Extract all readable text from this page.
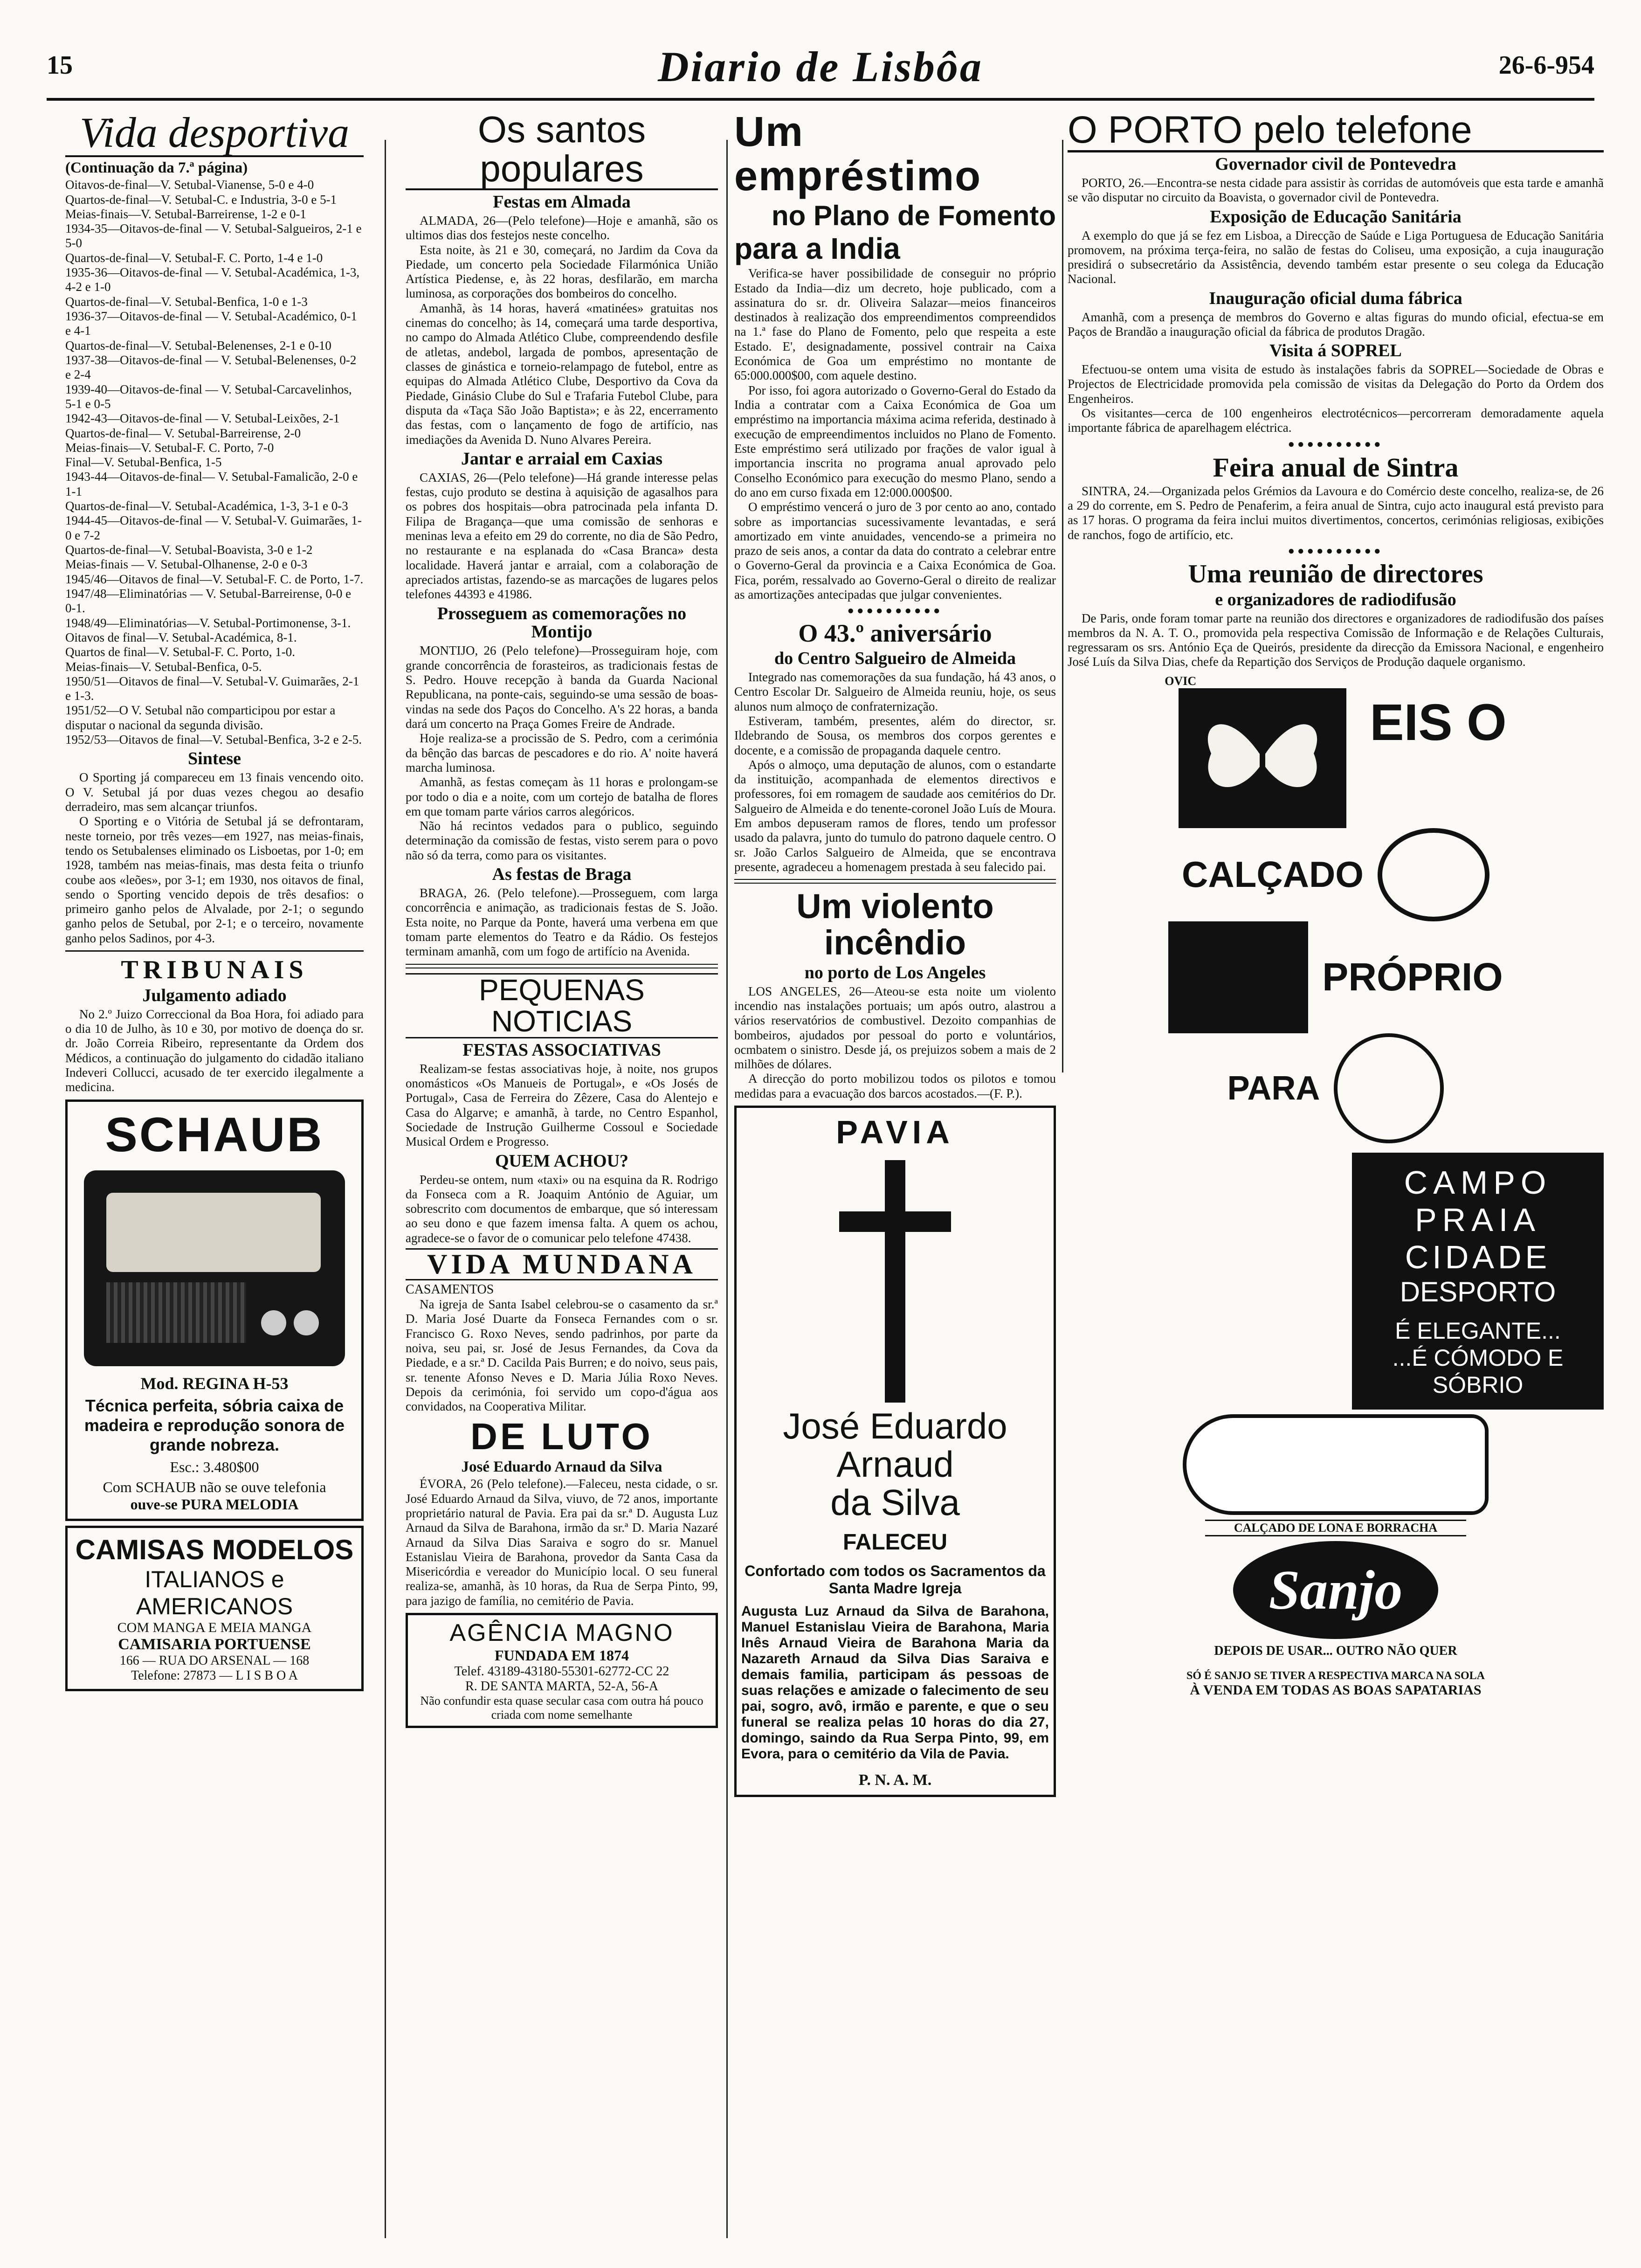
15	Diario de Lisbôa	26-6-954
Vida desportiva
(Continuação da 7.ª página)

Oitavos-de-final—V. Setubal-Vianense, 5-0 e 4-0

Quartos-de-final—V. Setubal-C. e Industria, 3-0 e 5-1

Meias-finais—V. Setubal-Barreirense, 1-2 e 0-1

1934-35—Oitavos-de-final — V. Setubal-Salgueiros, 2-1 e 5-0

Quartos-de-final—V. Setubal-F. C. Porto, 1-4 e 1-0

1935-36—Oitavos-de-final — V. Setubal-Académica, 1-3, 4-2 e 1-0

Quartos-de-final—V. Setubal-Benfica, 1-0 e 1-3

1936-37—Oitavos-de-final — V. Setubal-Académico, 0-1 e 4-1

Quartos-de-final—V. Setubal-Belenenses, 2-1 e 0-10

1937-38—Oitavos-de-final — V. Setubal-Belenenses, 0-2 e 2-4

1939-40—Oitavos-de-final — V. Setubal-Carcavelinhos, 5-1 e 0-5

1942-43—Oitavos-de-final — V. Setubal-Leixões, 2-1

Quartos-de-final— V. Setubal-Barreirense, 2-0

Meias-finais—V. Setubal-F. C. Porto, 7-0

Final—V. Setubal-Benfica, 1-5

1943-44—Oitavos-de-final— V. Setubal-Famalicão, 2-0 e 1-1

Quartos-de-final—V. Setubal-Académica, 1-3, 3-1 e 0-3

1944-45—Oitavos-de-final — V. Setubal-V. Guimarães, 1-0 e 7-2

Quartos-de-final—V. Setubal-Boavista, 3-0 e 1-2

Meias-finais — V. Setubal-Olhanense, 2-0 e 0-3

1945/46—Oitavos de final—V. Setubal-F. C. de Porto, 1-7.

1947/48—Eliminatórias — V. Setubal-Barreirense, 0-0 e 0-1.

1948/49—Eliminatórias—V. Setubal-Portimonense, 3-1.

Oitavos de final—V. Setubal-Académica, 8-1.

Quartos de final—V. Setubal-F. C. Porto, 1-0.

Meias-finais—V. Setubal-Benfica, 0-5.

1950/51—Oitavos de final—V. Setubal-V. Guimarães, 2-1 e 1-3.

1951/52—O V. Setubal não comparticipou por estar a disputar o nacional da segunda divisão.

1952/53—Oitavos de final—V. Setubal-Benfica, 3-2 e 2-5.

Sintese

O Sporting já compareceu em 13 finais vencendo oito. O V. Setubal já por duas vezes chegou ao desafio derradeiro, mas sem alcançar triunfos.

O Sporting e o Vitória de Setubal já se defrontaram, neste torneio, por três vezes—em 1927, nas meias-finais, tendo os Setubalenses eliminado os Lisboetas, por 1-0; em 1928, também nas meias-finais, mas desta feita o triunfo coube aos «leões», por 3-1; em 1930, nos oitavos de final, sendo o Sporting vencido depois de três desafios: o primeiro ganho pelos de Alvalade, por 2-1; o segundo ganho pelos de Setubal, por 2-1; e o terceiro, novamente ganho pelos Sadinos, por 4-3.

TRIBUNAIS
Julgamento adiado

No 2.º Juizo Correccional da Boa Hora, foi adiado para o dia 10 de Julho, às 10 e 30, por motivo de doença do sr. dr. João Correia Ribeiro, representante da Ordem dos Médicos, a continuação do julgamento do cidadão italiano Indeveri Collucci, acusado de ter exercido ilegalmente a medicina.

SCHAUB
Mod. REGINA H-53
Técnica perfeita, sóbria caixa de madeira e reprodução sonora de grande nobreza.
Esc.: 3.480$00
Com SCHAUB não se ouve telefonia
ouve-se PURA MELODIA
CAMISAS MODELOS
ITALIANOS e AMERICANOS
COM MANGA E MEIA MANGA
CAMISARIA PORTUENSE
166 — RUA DO ARSENAL — 168
Telefone: 27873 — L I S B O A
Os santos populares
Festas em Almada

ALMADA, 26—(Pelo telefone)—Hoje e amanhã, são os ultimos dias dos festejos neste concelho.

Esta noite, às 21 e 30, começará, no Jardim da Cova da Piedade, um concerto pela Sociedade Filarmónica União Artística Piedense, e, às 22 horas, desfilarão, em marcha luminosa, as corporações dos bombeiros do concelho.

Amanhã, às 14 horas, haverá «matinées» gratuitas nos cinemas do concelho; às 14, começará uma tarde desportiva, no campo do Almada Atlético Clube, compreendendo desfile de atletas, andebol, largada de pombos, apresentação de classes de ginástica e torneio-relampago de futebol, entre as equipas do Almada Atlético Clube, Desportivo da Cova da Piedade, Ginásio Clube do Sul e Trafaria Futebol Clube, para disputa da «Taça São João Baptista»; e às 22, encerramento das festas, com o lançamento de fogo de artifício, nas imediações da Avenida D. Nuno Alvares Pereira.

Jantar e arraial em Caxias

CAXIAS, 26—(Pelo telefone)—Há grande interesse pelas festas, cujo produto se destina à aquisição de agasalhos para os pobres dos hospitais—obra patrocinada pela infanta D. Filipa de Bragança—que uma comissão de senhoras e meninas leva a efeito em 29 do corrente, no dia de São Pedro, no restaurante e na esplanada do «Casa Branca» desta localidade. Haverá jantar e arraial, com a colaboração de apreciados artistas, fazendo-se as marcações de lugares pelos telefones 44393 e 41986.

Prosseguem as comemorações no Montijo

MONTIJO, 26 (Pelo telefone)—Prosseguiram hoje, com grande concorrência de forasteiros, as tradicionais festas de S. Pedro. Houve recepção à banda da Guarda Nacional Republicana, na ponte-cais, seguindo-se uma sessão de boas-vindas na sede dos Paços do Concelho. A's 22 horas, a banda dará um concerto na Praça Gomes Freire de Andrade.

Hoje realiza-se a procissão de S. Pedro, com a cerimónia da bênção das barcas de pescadores e do rio. A' noite haverá marcha luminosa.

Amanhã, as festas começam às 11 horas e prolongam-se por todo o dia e a noite, com um cortejo de batalha de flores em que tomam parte vários carros alegóricos.

Não há recintos vedados para o publico, seguindo determinação da comissão de festas, visto serem para o povo não só da terra, como para os visitantes.

As festas de Braga

BRAGA, 26. (Pelo telefone).—Prosseguem, com larga concorrência e animação, as tradicionais festas de S. João. Esta noite, no Parque da Ponte, haverá uma verbena em que tomam parte elementos do Teatro e da Rádio. Os festejos terminam amanhã, com um fogo de artifício na Avenida.

PEQUENAS NOTICIAS
FESTAS ASSOCIATIVAS

Realizam-se festas associativas hoje, à noite, nos grupos onomásticos «Os Manueis de Portugal», e «Os Josés de Portugal», Casa de Ferreira do Zêzere, Casa do Alentejo e Casa do Algarve; e amanhã, à tarde, no Centro Espanhol, Sociedade de Instrução Guilherme Cossoul e Sociedade Musical Ordem e Progresso.

QUEM ACHOU?

Perdeu-se ontem, num «taxi» ou na esquina da R. Rodrigo da Fonseca com a R. Joaquim António de Aguiar, um sobrescrito com documentos de embarque, que só interessam ao seu dono e que fazem imensa falta. A quem os achou, agradece-se o favor de o comunicar pelo telefone 47438.

VIDA MUNDANA
CASAMENTOS

Na igreja de Santa Isabel celebrou-se o casamento da sr.ª D. Maria José Duarte da Fonseca Fernandes com o sr. Francisco G. Roxo Neves, sendo padrinhos, por parte da noiva, seu pai, sr. José de Jesus Fernandes, da Cova da Piedade, e a sr.ª D. Cacilda Pais Burren; e do noivo, seus pais, sr. tenente Afonso Neves e D. Maria Júlia Roxo Neves. Depois da cerimónia, foi servido um copo-d'água aos convidados, na Cooperativa Militar.

DE LUTO
José Eduardo Arnaud da Silva

ÉVORA, 26 (Pelo telefone).—Faleceu, nesta cidade, o sr. José Eduardo Arnaud da Silva, viuvo, de 72 anos, importante proprietário natural de Pavia. Era pai da sr.ª D. Augusta Luz Arnaud da Silva de Barahona, irmão da sr.ª D. Maria Nazaré Arnaud da Silva Dias Saraiva e sogro do sr. Manuel Estanislau Vieira de Barahona, provedor da Santa Casa da Misericórdia e vereador do Município local. O seu funeral realiza-se, amanhã, às 10 horas, da Rua de Serpa Pinto, 99, para jazigo de família, no cemitério de Pavia.

AGÊNCIA MAGNO
FUNDADA EM 1874
Telef. 43189-43180-55301-62772-CC 22
R. DE SANTA MARTA, 52-A, 56-A
Não confundir esta quase secular casa com outra há pouco criada com nome semelhante
Um empréstimo
no Plano de Fomento
para a India

Verifica-se haver possibilidade de conseguir no próprio Estado da India—diz um decreto, hoje publicado, com a assinatura do sr. dr. Oliveira Salazar—meios financeiros destinados à realização dos empreendimentos compreendidos na 1.ª fase do Plano de Fomento, pelo que respeita a este Estado. E', designadamente, possivel contrair na Caixa Económica de Goa um empréstimo no montante de 65:000.000$00, com aquele destino.

Por isso, foi agora autorizado o Governo-Geral do Estado da India a contratar com a Caixa Económica de Goa um empréstimo na importancia máxima acima referida, destinado à execução de empreendimentos incluidos no Plano de Fomento. Este empréstimo será utilizado por frações de valor igual à importancia inscrita no programa anual aprovado pelo Conselho Económico para execução do mesmo Plano, sendo a do ano em curso fixada em 12:000.000$00.

O empréstimo vencerá o juro de 3 por cento ao ano, contado sobre as importancias sucessivamente levantadas, e será amortizado em vinte anuidades, vencendo-se a primeira no prazo de seis anos, a contar da data do contrato a celebrar entre o Governo-Geral da provincia e a Caixa Económica de Goa. Fica, porém, ressalvado ao Governo-Geral o direito de realizar as amortizações antecipadas que julgar convenientes.

●●●●●●●●●●
O 43.º aniversário
do Centro Salgueiro de Almeida

Integrado nas comemorações da sua fundação, há 43 anos, o Centro Escolar Dr. Salgueiro de Almeida reuniu, hoje, os seus alunos num almoço de confraternização.

Estiveram, também, presentes, além do director, sr. Ildebrando de Sousa, os membros dos corpos gerentes e docente, e a comissão de propaganda daquele centro.

Após o almoço, uma deputação de alunos, com o estandarte da instituição, acompanhada de elementos directivos e professores, foi em romagem de saudade aos cemitérios do Dr. Salgueiro de Almeida e do tenente-coronel João Luís de Moura. Em ambos depuseram ramos de flores, tendo um professor usado da palavra, junto do tumulo do patrono daquele centro. O sr. João Carlos Salgueiro de Almeida, que se encontrava presente, agradeceu a homenagem prestada à seu falecido pai.

Um violento incêndio
no porto de Los Angeles

LOS ANGELES, 26—Ateou-se esta noite um violento incendio nas instalações portuais; um após outro, alastrou a vários reservatórios de combustivel. Dezoito companhias de bombeiros, ajudados por pessoal do porto e voluntários, ocmbatem o sinistro. Desde já, os prejuizos sobem a mais de 2 milhões de dólares.

A direcção do porto mobilizou todos os pilotos e tomou medidas para a evacuação dos barcos acostados.—(F. P.).

PAVIA
José Eduardo Arnaud
da Silva
FALECEU
Confortado com todos os Sacramentos da Santa Madre Igreja
Augusta Luz Arnaud da Silva de Barahona, Manuel Estanislau Vieira de Barahona, Maria Inês Arnaud Vieira de Barahona Maria da Nazareth Arnaud da Silva Dias Saraiva e demais familia, participam ás pessoas de suas relações e amizade o falecimento de seu pai, sogro, avô, irmão e parente, e que o seu funeral se realiza pelas 10 horas do dia 27, domingo, saindo da Rua Serpa Pinto, 99, em Evora, para o cemitério da Vila de Pavia.
P. N. A. M.
O PORTO pelo telefone
Governador civil de Pontevedra

PORTO, 26.—Encontra-se nesta cidade para assistir às corridas de automóveis que esta tarde e amanhã se vão disputar no circuito da Boavista, o governador civil de Pontevedra.

Exposição de Educação Sanitária

A exemplo do que já se fez em Lisboa, a Direcção de Saúde e Liga Portuguesa de Educação Sanitária promovem, na próxima terça-feira, no salão de festas do Coliseu, uma exposição, a cuja inauguração presidirá o subsecretário da Assistência, devendo também estar presente o seu colega da Educação Nacional.

Inauguração oficial duma fábrica

Amanhã, com a presença de membros do Governo e altas figuras do mundo oficial, efectua-se em Paços de Brandão a inauguração oficial da fábrica de produtos Dragão.

Visita á SOPREL

Efectuou-se ontem uma visita de estudo às instalações fabris da SOPREL—Sociedade de Obras e Projectos de Electricidade promovida pela comissão de visitas da Delegação do Porto da Ordem dos Engenheiros.

Os visitantes—cerca de 100 engenheiros electrotécnicos—percorreram demoradamente aquela importante fábrica de aparelhagem eléctrica.

●●●●●●●●●●
Feira anual de Sintra

SINTRA, 24.—Organizada pelos Grémios da Lavoura e do Comércio deste concelho, realiza-se, de 26 a 29 do corrente, em S. Pedro de Penaferim, a feira anual de Sintra, cujo acto inaugural está previsto para as 17 horas. O programa da feira inclui muitos divertimentos, concertos, cerimónias religiosas, exibições de ranchos, fogo de artifício, etc.

●●●●●●●●●●
Uma reunião de directores
e organizadores de radiodifusão

De Paris, onde foram tomar parte na reunião dos directores e organizadores de radiodifusão dos países membros da N. A. T. O., promovida pela respectiva Comissão de Informação e de Relações Culturais, regressaram os srs. António Eça de Queirós, presidente da direcção da Emissora Nacional, e engenheiro José Luís da Silva Dias, chefe da Repartição dos Serviços de Produção daquele organismo.

OVIC
EIS O
CALÇADO
PRÓPRIO
PARA
CAMPO
PRAIA
CIDADE
DESPORTO
É ELEGANTE...
...É CÓMODO E
SÓBRIO
CALÇADO DE LONA E BORRACHA
Sanjo
DEPOIS DE USAR... OUTRO NÃO QUER
SÓ É SANJO SE TIVER A RESPECTIVA MARCA NA SOLA
À VENDA EM TODAS AS BOAS SAPATARIAS
